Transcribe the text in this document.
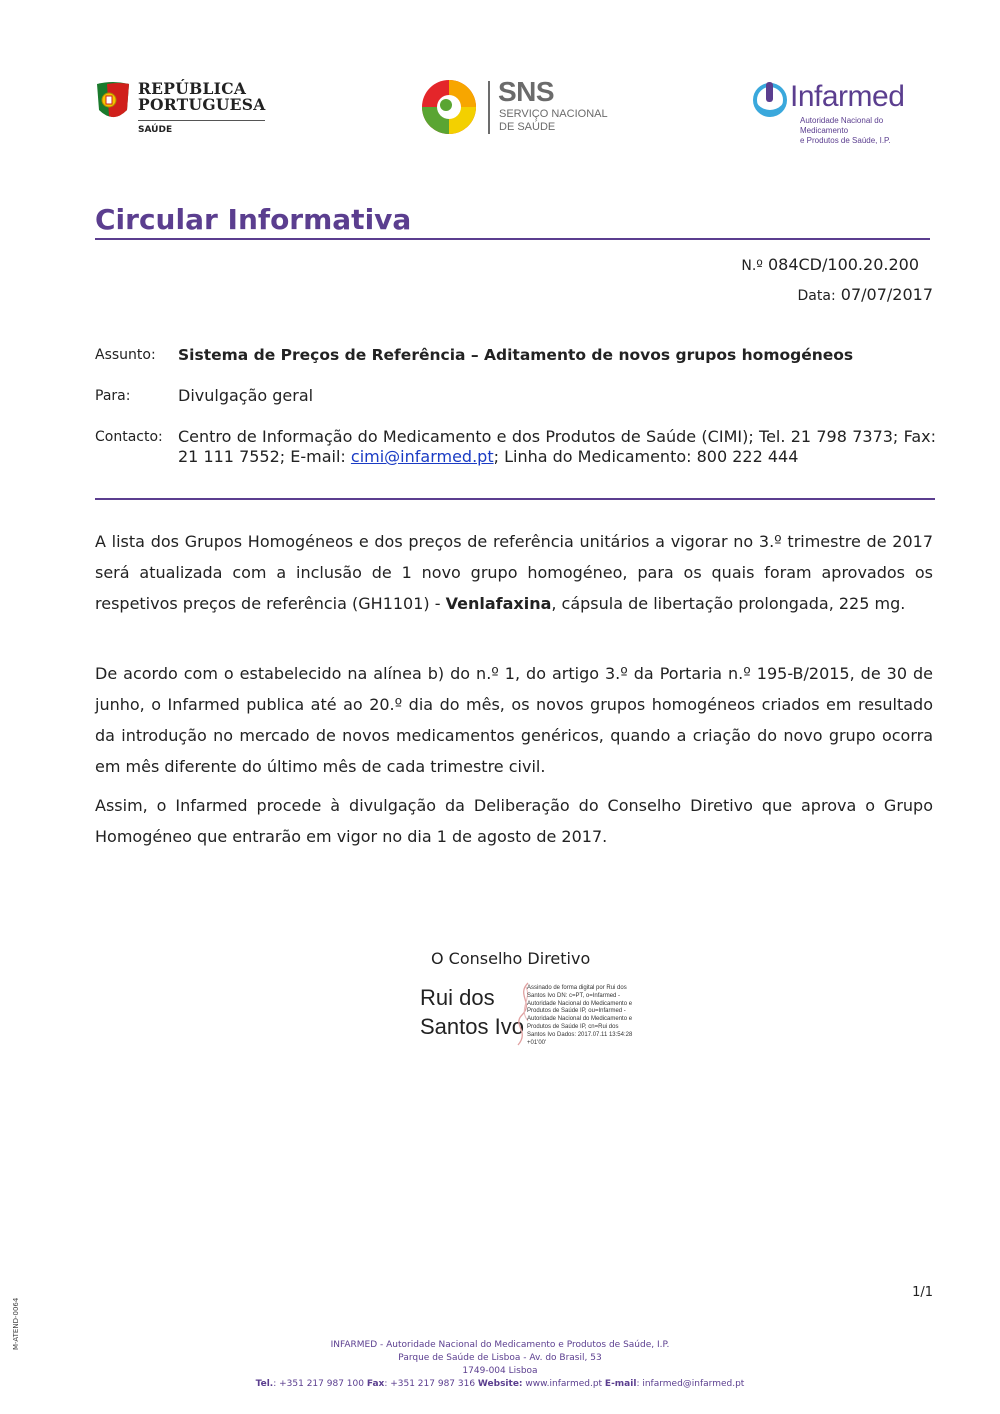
REPÚBLICA
PORTUGUESA
SAÚDE
SNS
SERVIÇO NACIONAL
DE SAÚDE
Infarmed
Autoridade Nacional do Medicamento
e Produtos de Saúde, I.P.
Circular Informativa
N.º 084CD/100.20.200
Data: 07/07/2017
Assunto: Sistema de Preços de Referência – Aditamento de novos grupos homogéneos
Para:	Divulgação geral
Contacto: Centro de Informação do Medicamento e dos Produtos de Saúde (CIMI); Tel. 21 798 7373; Fax: 21 111 7552; E-mail: cimi@infarmed.pt; Linha do Medicamento: 800 222 444
A lista dos Grupos Homogéneos e dos preços de referência unitários a vigorar no 3.º trimestre de 2017 será atualizada com a inclusão de 1 novo grupo homogéneo, para os quais foram aprovados os respetivos preços de referência (GH1101) - Venlafaxina, cápsula de libertação prolongada, 225 mg.
De acordo com o estabelecido na alínea b) do n.º 1, do artigo 3.º da Portaria n.º 195-B/2015, de 30 de junho, o Infarmed publica até ao 20.º dia do mês, os novos grupos homogéneos criados em resultado da introdução no mercado de novos medicamentos genéricos, quando a criação do novo grupo ocorra em mês diferente do último mês de cada trimestre civil.
Assim, o Infarmed procede à divulgação da Deliberação do Conselho Diretivo que aprova o Grupo Homogéneo que entrarão em vigor no dia 1 de agosto de 2017.
O Conselho Diretivo
Rui dos
Santos Ivo
Assinado de forma digital por Rui dos Santos Ivo DN: c=PT, o=Infarmed - Autoridade Nacional do Medicamento e Produtos de Saúde IP, ou=Infarmed - Autoridade Nacional do Medicamento e Produtos de Saúde IP, cn=Rui dos Santos Ivo Dados: 2017.07.11 13:54:28 +01'00'
1/1
M-ATEND-0064	INFARMED - Autoridade Nacional do Medicamento e Produtos de Saúde, I.P.
Parque de Saúde de Lisboa - Av. do Brasil, 53
1749-004 Lisboa
Tel.: +351 217 987 100 Fax: +351 217 987 316 Website: www.infarmed.pt E-mail: infarmed@infarmed.pt
